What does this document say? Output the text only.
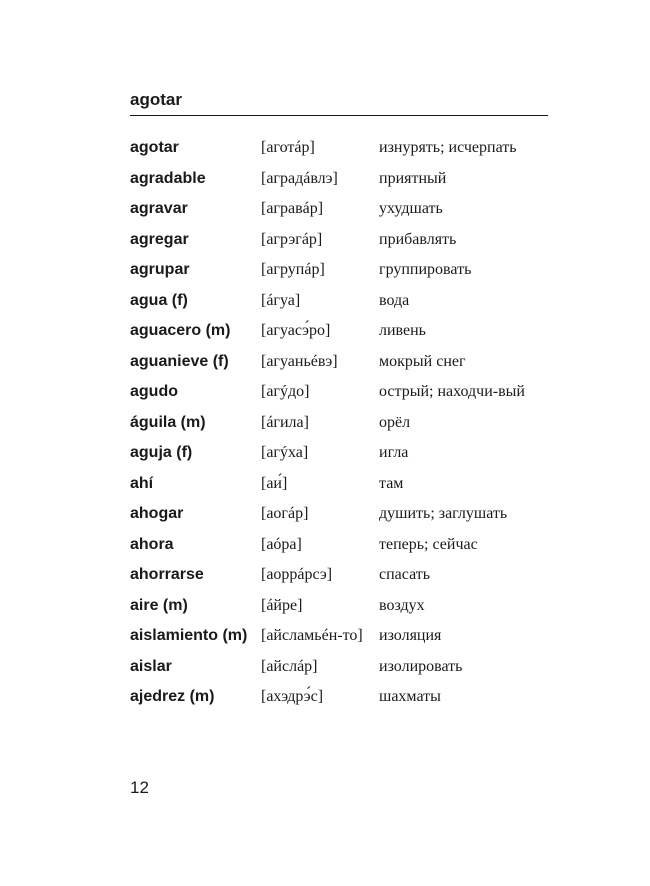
agotar
agotar	[аготáр]	изнурять; исчерпать
agradable	[аградáвлэ]	приятный
agravar	[агравáр]	ухудшать
agregar	[агрэгáр]	прибавлять
agrupar	[агрупáр]	группировать
agua (f)	[áгуа]	вода
aguacero (m)	[агуасэ́ро]	ливень
aguanieve (f)	[агуаньéвэ]	мокрый снег
agudo	[агýдо]	острый; находчи-вый
águila (m)	[áгила]	орёл
aguja (f)	[агýха]	игла
ahí	[аи́]	там
ahogar	[аогáр]	душить; заглушать
ahora	[аóра]	теперь; сейчас
ahorrarse	[аоррáрсэ]	спасать
aire (m)	[áйре]	воздух
aislamiento (m) [айсламьéн-то]	изоляция
aislar	[айслáр]	изолировать
ajedrez (m)	[ахэдрэ́с]	шахматы
12
